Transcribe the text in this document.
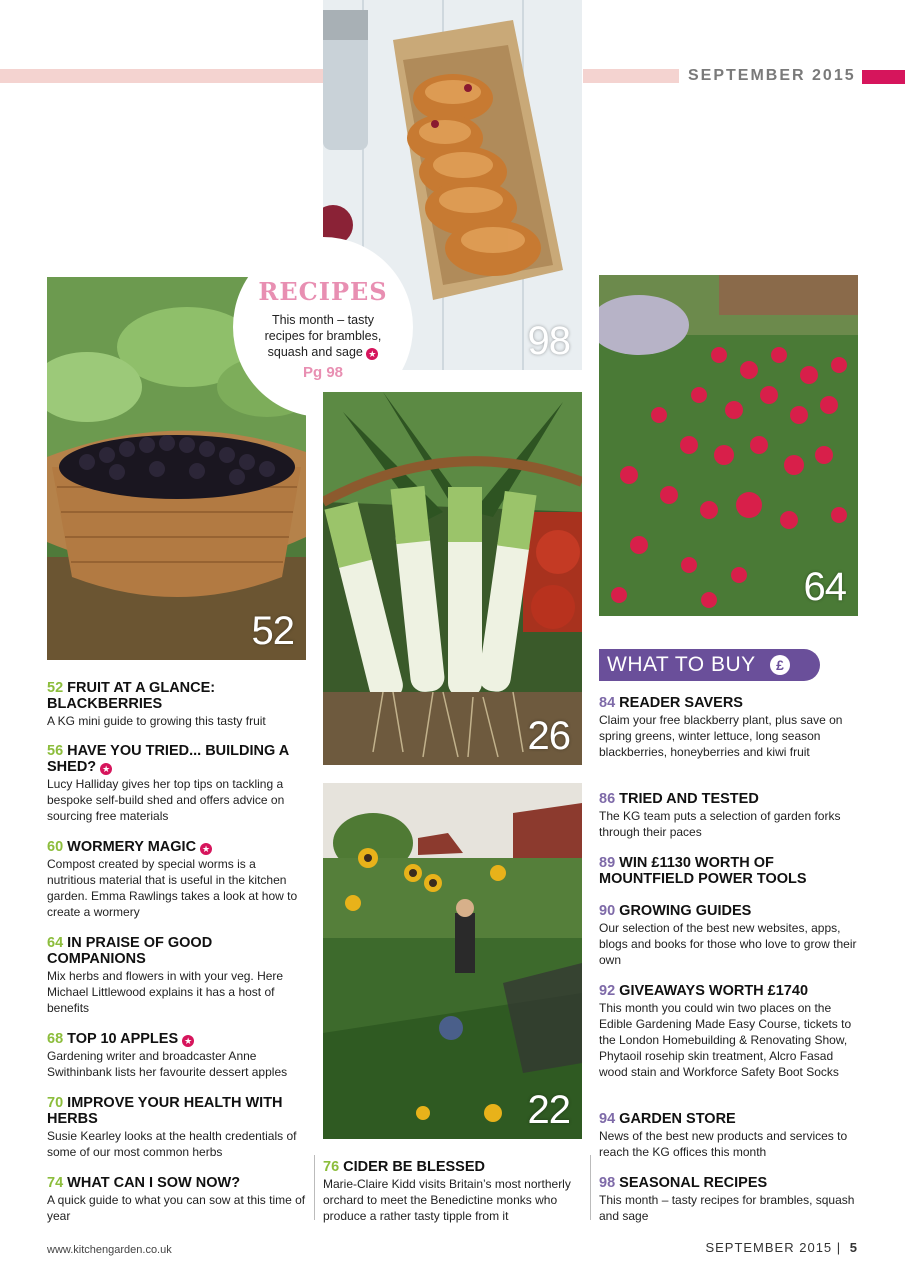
SEPTEMBER 2015
98
52
RECIPES
This month – tasty recipes for brambles, squash and sage ★
Pg 98
26
64
22
52 FRUIT AT A GLANCE: BLACKBERRIES
A KG mini guide to growing this tasty fruit
56 HAVE YOU TRIED... BUILDING A SHED? ★
Lucy Halliday gives her top tips on tackling a bespoke self-build shed and offers advice on sourcing free materials
60 WORMERY MAGIC ★
Compost created by special worms is a nutritious material that is useful in the kitchen garden. Emma Rawlings takes a look at how to create a wormery
64 IN PRAISE OF GOOD COMPANIONS
Mix herbs and flowers in with your veg. Here Michael Littlewood explains it has a host of benefits
68 TOP 10 APPLES ★
Gardening writer and broadcaster Anne Swithinbank lists her favourite dessert apples
70 IMPROVE YOUR HEALTH WITH HERBS
Susie Kearley looks at the health credentials of some of our most common herbs
74 WHAT CAN I SOW NOW?
A quick guide to what you can sow at this time of year
76 CIDER BE BLESSED
Marie-Claire Kidd visits Britain’s most northerly orchard to meet the Benedictine monks who produce a rather tasty tipple from it
WHAT TO BUY	£
84 READER SAVERS
Claim your free blackberry plant, plus save on spring greens, winter lettuce, long season blackberries, honeyberries and kiwi fruit
86 TRIED AND TESTED
The KG team puts a selection of garden forks through their paces
89 WIN £1130 WORTH OF MOUNTFIELD POWER TOOLS
90 GROWING GUIDES
Our selection of the best new websites, apps, blogs and books for those who love to grow their own
92 GIVEAWAYS WORTH £1740
This month you could win two places on the Edible Gardening Made Easy Course, tickets to the London Homebuilding & Renovating Show, Phytaoil rosehip skin treatment, Alcro Fasad wood stain and Workforce Safety Boot Socks
94 GARDEN STORE
News of the best new products and services to reach the KG offices this month
98 SEASONAL RECIPES
This month – tasty recipes for brambles, squash and sage
www.kitchengarden.co.uk	SEPTEMBER 2015 | 5
